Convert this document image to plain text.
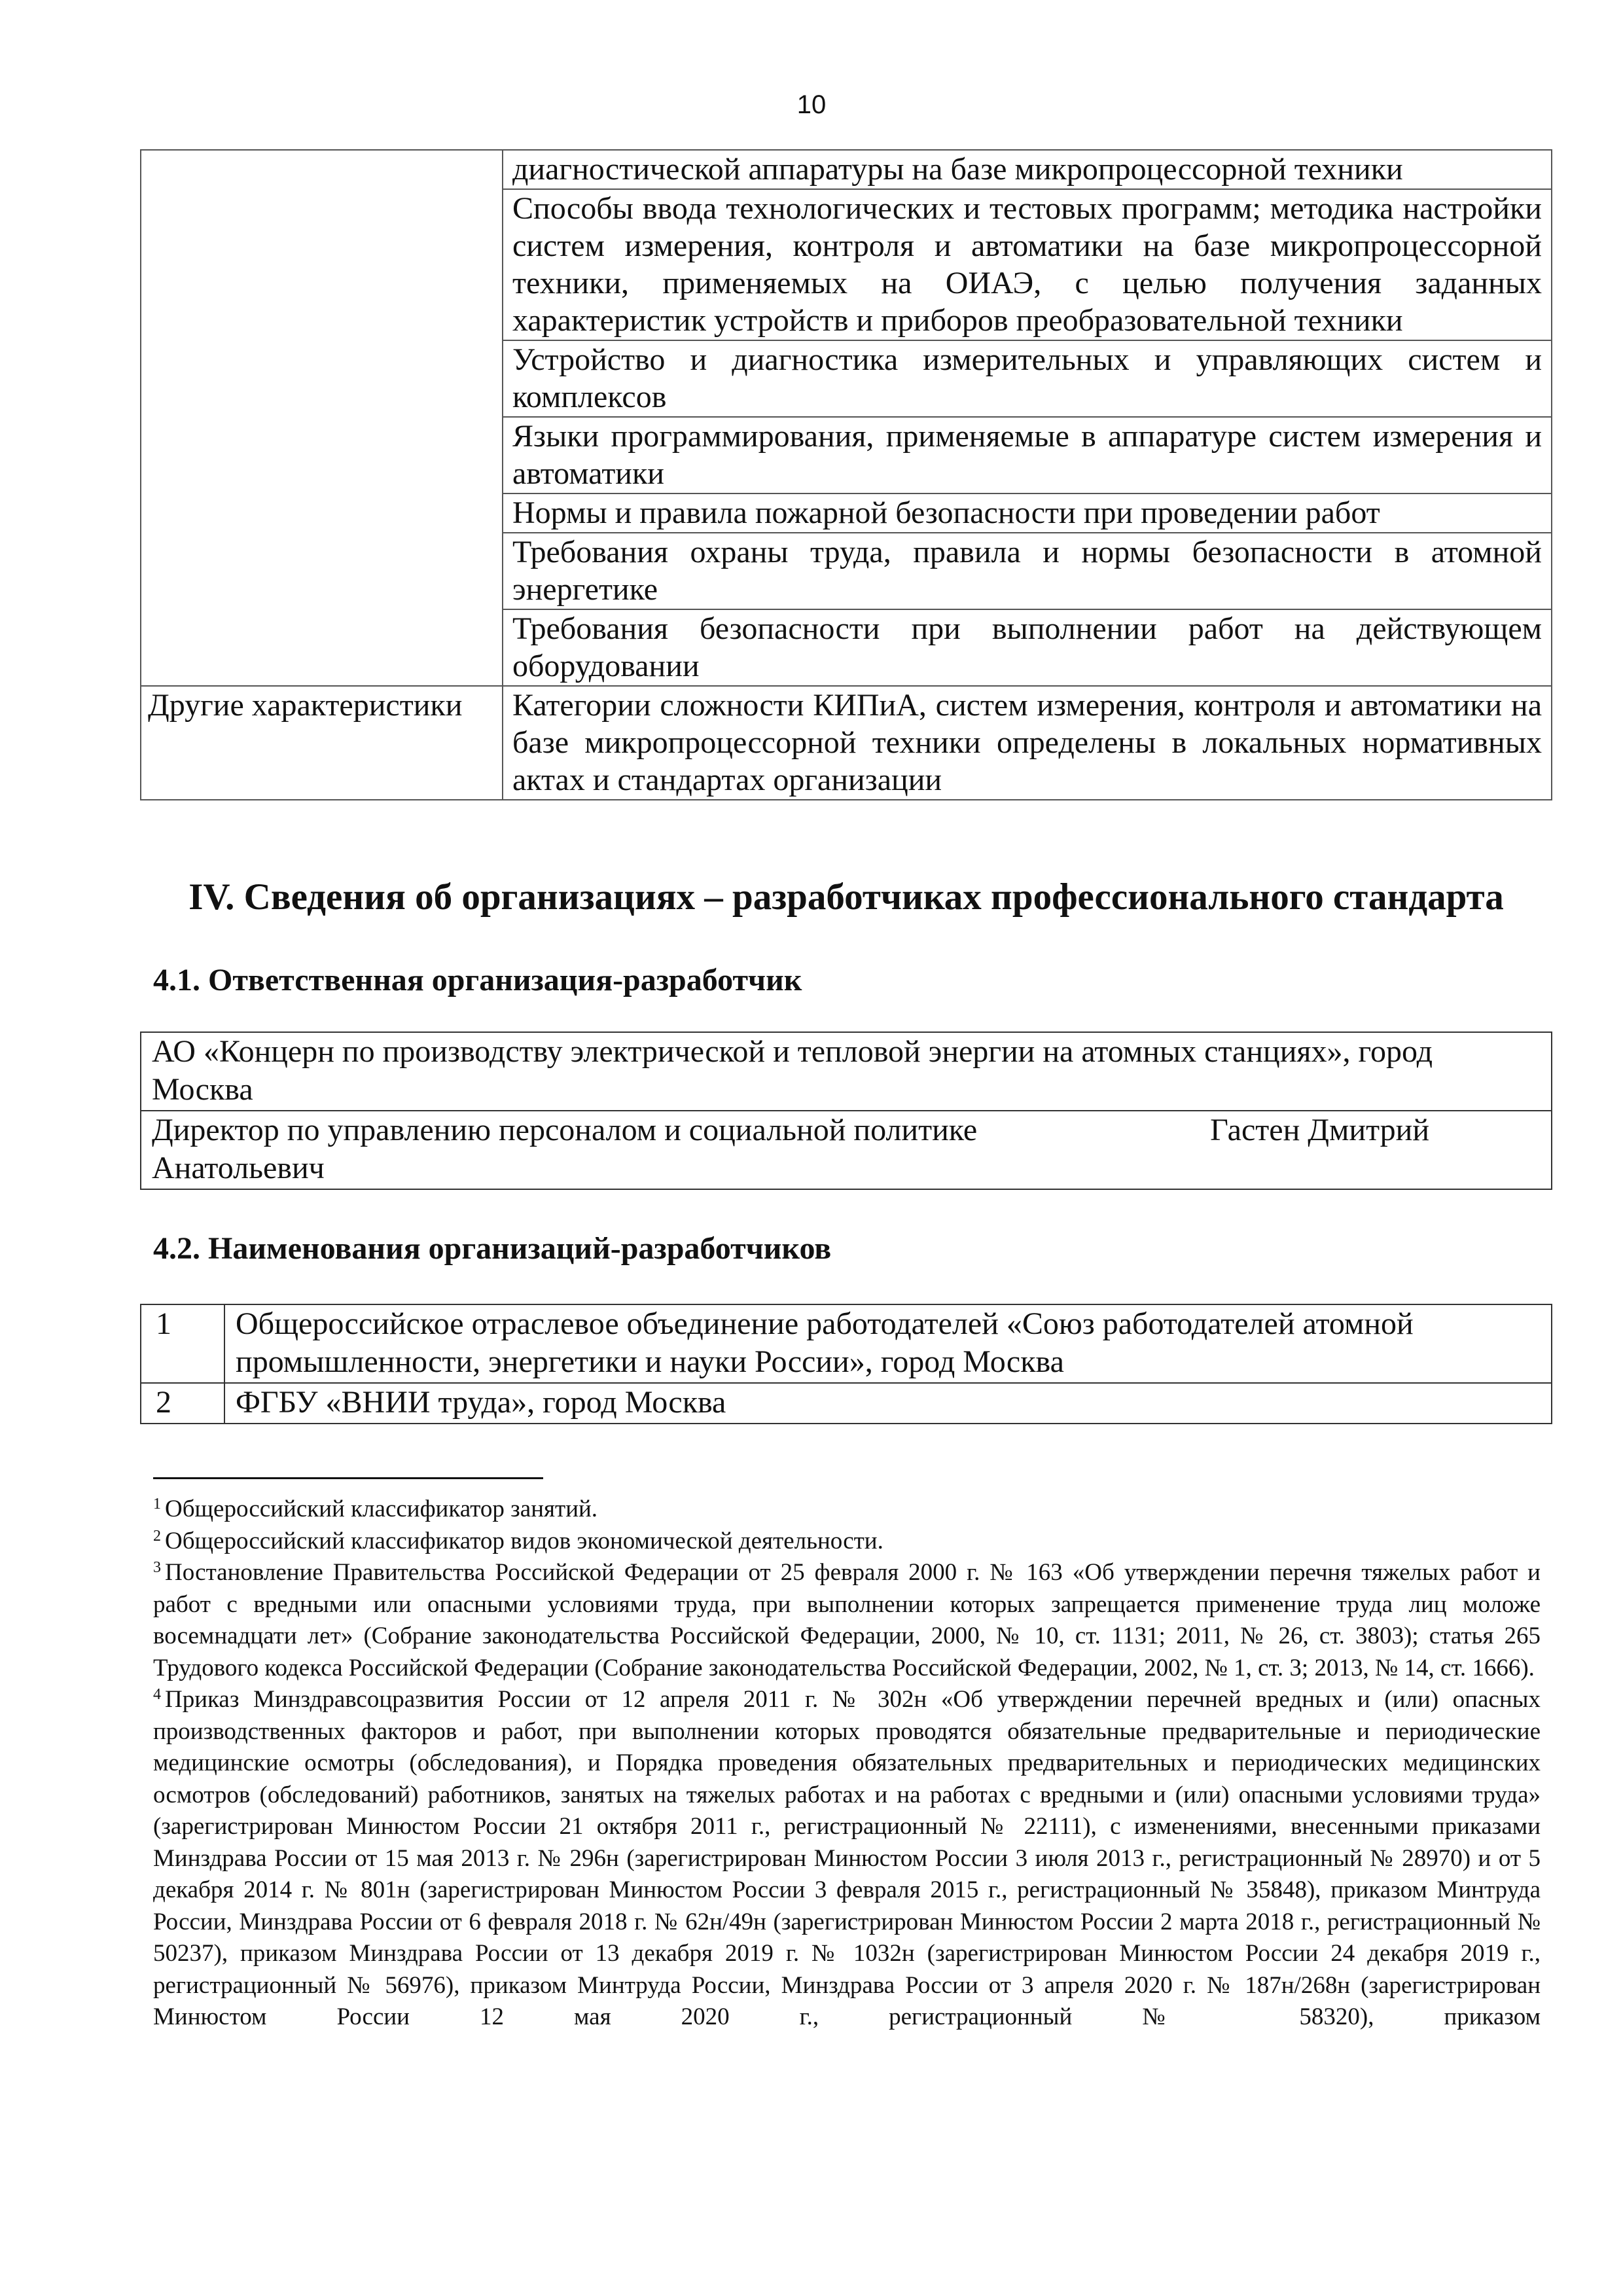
10
	диагностической аппаратуры на базе микропроцессорной техники
	Способы ввода технологических и тестовых программ; методика настройки систем измерения, контроля и автоматики на базе микропроцессорной техники, применяемых на ОИАЭ, с целью получения заданных характеристик устройств и приборов преобразовательной техники
	Устройство и диагностика измерительных и управляющих систем и комплексов
	Языки программирования, применяемые в аппаратуре систем измерения и автоматики
	Нормы и правила пожарной безопасности при проведении работ
	Требования охраны труда, правила и нормы безопасности в атомной энергетике
	Требования безопасности при выполнении работ на действующем оборудовании
Другие характеристики	Категории сложности КИПиА, систем измерения, контроля и автоматики на базе микропроцессорной техники определены в локальных нормативных актах и стандартах организации
IV. Сведения об организациях – разработчиках профессионального стандарта
4.1. Ответственная организация-разработчик
АО «Концерн по производству электрической и тепловой энергии на атомных станциях», город Москва

Директор по управлению персоналом и социальной политике	Гастен Дмитрий
Анатольевич
4.2. Наименования организаций-разработчиков
1	Общероссийское отраслевое объединение работодателей «Союз работодателей атомной промышленности, энергетики и науки России», город Москва
2	ФГБУ «ВНИИ труда», город Москва

$^1$ Общероссийский классификатор занятий.

$^2$ Общероссийский классификатор видов экономической деятельности.

$^3$ Постановление Правительства Российской Федерации от 25 февраля 2000 г. № 163 «Об утверждении перечня тяжелых работ и работ с вредными или опасными условиями труда, при выполнении которых запрещается применение труда лиц моложе восемнадцати лет» (Собрание законодательства Российской Федерации, 2000, № 10, ст. 1131; 2011, № 26, ст. 3803); статья 265 Трудового кодекса Российской Федерации (Собрание законодательства Российской Федерации, 2002, № 1, ст. 3; 2013, № 14, ст. 1666).

$^4$ Приказ Минздравсоцразвития России от 12 апреля 2011 г. № 302н «Об утверждении перечней вредных и (или) опасных производственных факторов и работ, при выполнении которых проводятся обязательные предварительные и периодические медицинские осмотры (обследования), и Порядка проведения обязательных предварительных и периодических медицинских осмотров (обследований) работников, занятых на тяжелых работах и на работах с вредными и (или) опасными условиями труда» (зарегистрирован Минюстом России 21 октября 2011 г., регистрационный № 22111), с изменениями, внесенными приказами Минздрава России от 15 мая 2013 г. № 296н (зарегистрирован Минюстом России 3 июля 2013 г., регистрационный № 28970) и от 5 декабря 2014 г. № 801н (зарегистрирован Минюстом России 3 февраля 2015 г., регистрационный № 35848), приказом Минтруда России, Минздрава России от 6 февраля 2018 г. № 62н/49н (зарегистрирован Минюстом России 2 марта 2018 г., регистрационный № 50237), приказом Минздрава России от 13 декабря 2019 г. № 1032н (зарегистрирован Минюстом России 24 декабря 2019 г., регистрационный № 56976), приказом Минтруда России, Минздрава России от 3 апреля 2020 г. № 187н/268н (зарегистрирован Минюстом России 12 мая 2020 г., регистрационный № 58320), приказом
